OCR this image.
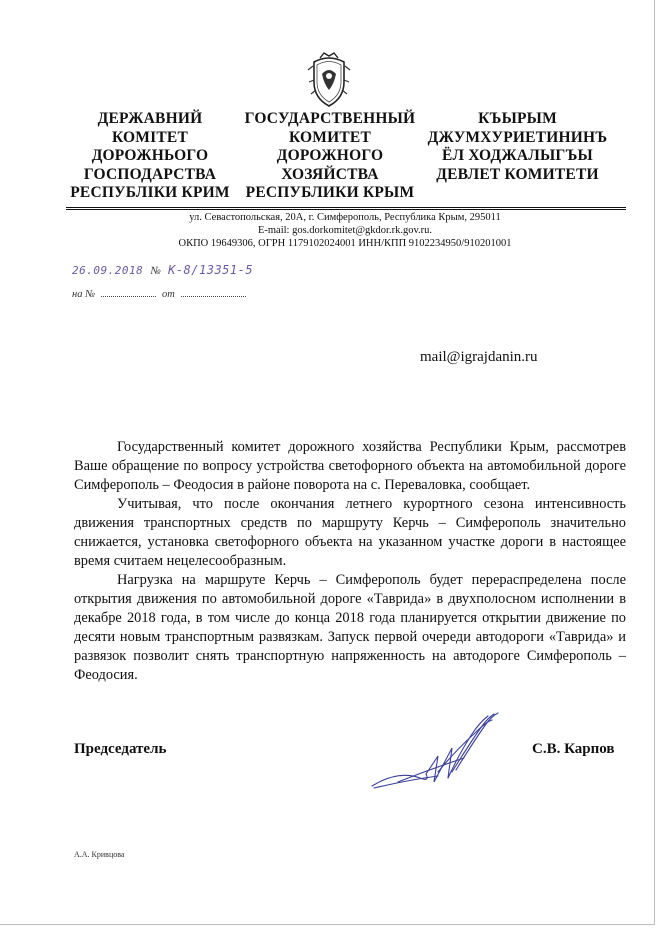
ДЕРЖАВНИЙ
КОМІТЕТ
ДОРОЖНЬОГО
ГОСПОДАРСТВА
РЕСПУБЛІКИ КРИМ
ГОСУДАРСТВЕННЫЙ
КОМИТЕТ
ДОРОЖНОГО
ХОЗЯЙСТВА
РЕСПУБЛИКИ КРЫМ
КЪЫРЫМ
ДЖУМХУРИЕТИНИНЪ
ЁЛ ХОДЖАЛЫГЪЫ
ДЕВЛЕТ КОМИТЕТИ
ул. Севастопольская, 20А, г. Симферополь, Республика Крым, 295011
E-mail: gos.dorkomitet@gkdor.rk.gov.ru.
ОКПО 19649306, ОГРН 1179102024001 ИНН/КПП 9102234950/910201001
26.09.2018 № К-8/13351-5
на №	от
mail@igrajdanin.ru

Государственный комитет дорожного хозяйства Республики Крым, рассмотрев Ваше обращение по вопросу устройства светофорного объекта на автомобильной дороге Симферополь – Феодосия в районе поворота на с. Переваловка, сообщает.

Учитывая, что после окончания летнего курортного сезона интенсивность движения транспортных средств по маршруту Керчь – Симферополь значительно снижается, установка светофорного объекта на указанном участке дороги в настоящее время считаем нецелесообразным.

Нагрузка на маршруте Керчь – Симферополь будет перераспределена после открытия движения по автомобильной дороге «Таврида» в двухполосном исполнении в декабре 2018 года, в том числе до конца 2018 года планируется открытии движение по десяти новым транспортным развязкам. Запуск первой очереди автодороги «Таврида» и развязок позволит снять транспортную напряженность на автодороге Симферополь – Феодосия.

Председатель	С.В. Карпов
А.А. Кривцова
